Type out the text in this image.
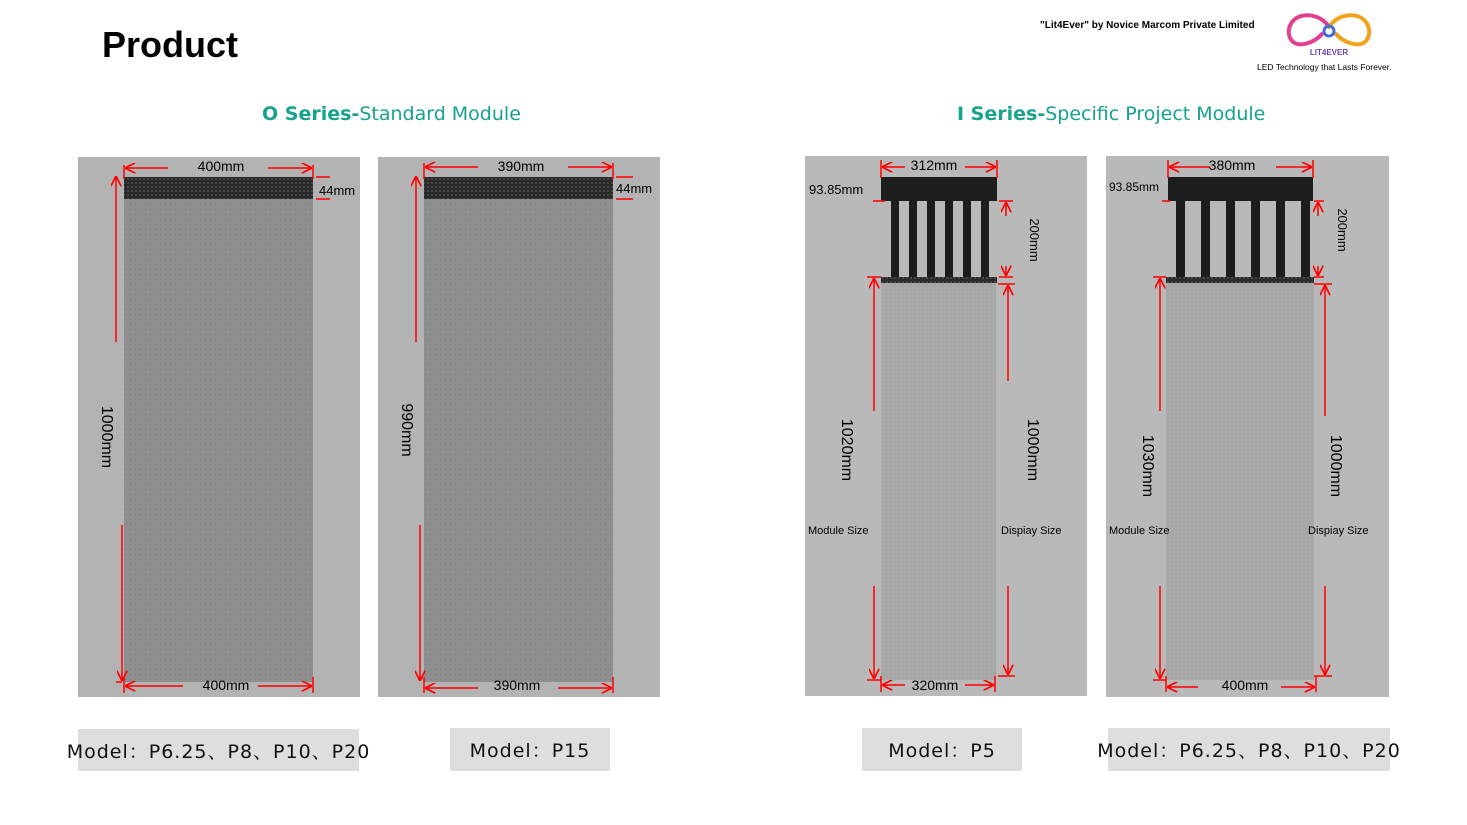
Product	"Lit4Ever" by Novice Marcom Private Limited
LIT4EVER
LED Technology that Lasts Forever.
O Series-Standard Module	I Series-Specific Project Module
400mm
44mm
1000mm
400mm
390mm
44mm
990mm
390mm
312mm
93.85mm
200mm
1020mm	1000mm
Module Size	Dispiay Size
320mm
380mm
93.85mm
200mm
1030mm	1000mm
Module Size	Dispiay Size
400mm
Model：P6.25、P8、P10、P20	Model：P15	Model：P5	Model：P6.25、P8、P10、P20
